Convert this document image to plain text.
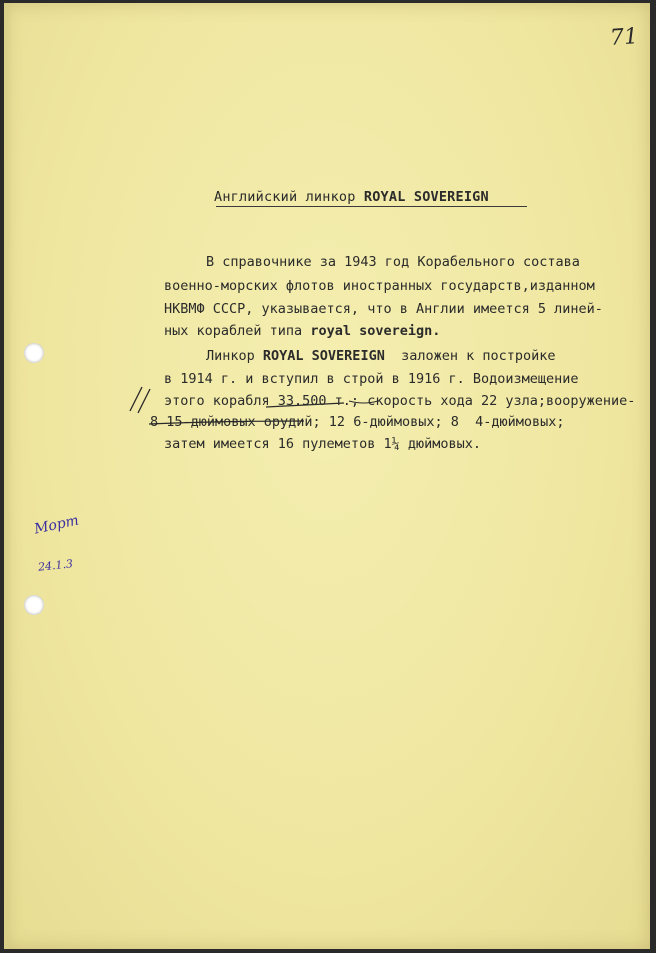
71
Английский линкор ROYAL SOVEREIGN
В справочнике за 1943 год Корабельного состава
военно-морских флотов иностранных государств,изданном
НКВМФ СССР, указывается, что в Англии имеется 5 линей-
ных кораблей типа royal sovereign.
Линкор ROYAL SOVEREIGN  заложен к постройке
в 1914 г. и вступил в строй в 1916 г. Водоизмещение
этого корабля 33.500 т.; скорость хода 22 узла;вооружение-
8 15-дюймовых орудий; 12 6-дюймовых; 8  4-дюймовых;
затем имеется 16 пулеметов 1¼ дюймовых.
Морт
24.1.3
